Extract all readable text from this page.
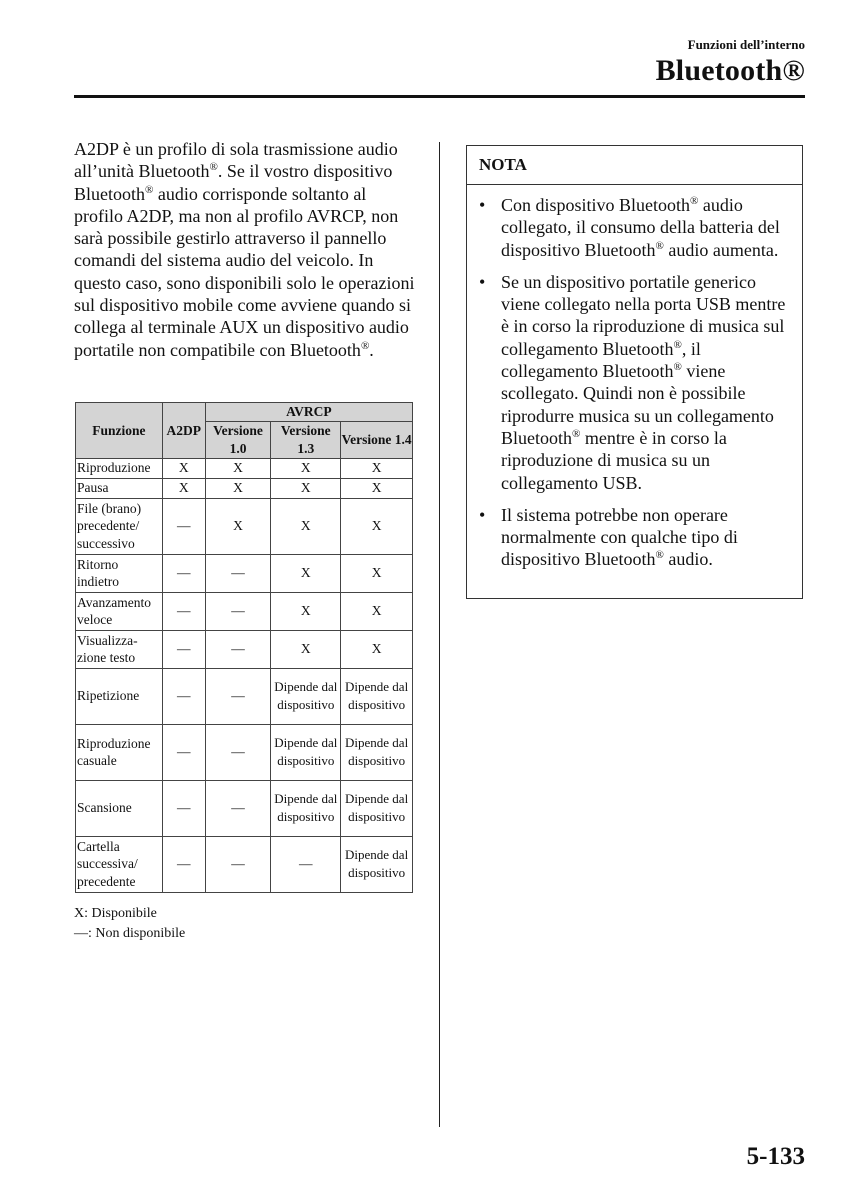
Funzioni dell’interno
Bluetooth®
A2DP è un profilo di sola trasmissione audio all’unità Bluetooth®. Se il vostro dispositivo Bluetooth® audio corrisponde soltanto al profilo A2DP, ma non al profilo AVRCP, non sarà possibile gestirlo attraverso il pannello comandi del sistema audio del veicolo. In questo caso, sono disponibili solo le operazioni sul dispositivo mobile come avviene quando si collega al terminale AUX un dispositivo audio portatile non compatibile con Bluetooth®.
Funzione	A2DP	AVRCP		
		Versione 1.0	Versione 1.3	Versione 1.4
Riproduzione	X	X	X	X
Pausa	X	X	X	X
File (brano) precedente/ successivo	—	X	X	X
Ritorno indietro	—	—	X	X
Avanzamento veloce	—	—	X	X
Visualizza- zione testo	—	—	X	X
Ripetizione	—	—	Dipende dal dispositivo	Dipende dal dispositivo
Riproduzione casuale	—	—	Dipende dal dispositivo	Dipende dal dispositivo
Scansione	—	—	Dipende dal dispositivo	Dipende dal dispositivo
Cartella successiva/ precedente	—	—	—	Dipende dal dispositivo
X: Disponibile
—: Non disponibile
NOTA
• Con dispositivo Bluetooth® audio collegato, il consumo della batteria del dispositivo Bluetooth® audio aumenta.
• Se un dispositivo portatile generico viene collegato nella porta USB mentre è in corso la riproduzione di musica sul collegamento Bluetooth®, il collegamento Bluetooth® viene scollegato. Quindi non è possibile riprodurre musica su un collegamento Bluetooth® mentre è in corso la riproduzione di musica su un collegamento USB.
• Il sistema potrebbe non operare normalmente con qualche tipo di dispositivo Bluetooth® audio.
5-133
